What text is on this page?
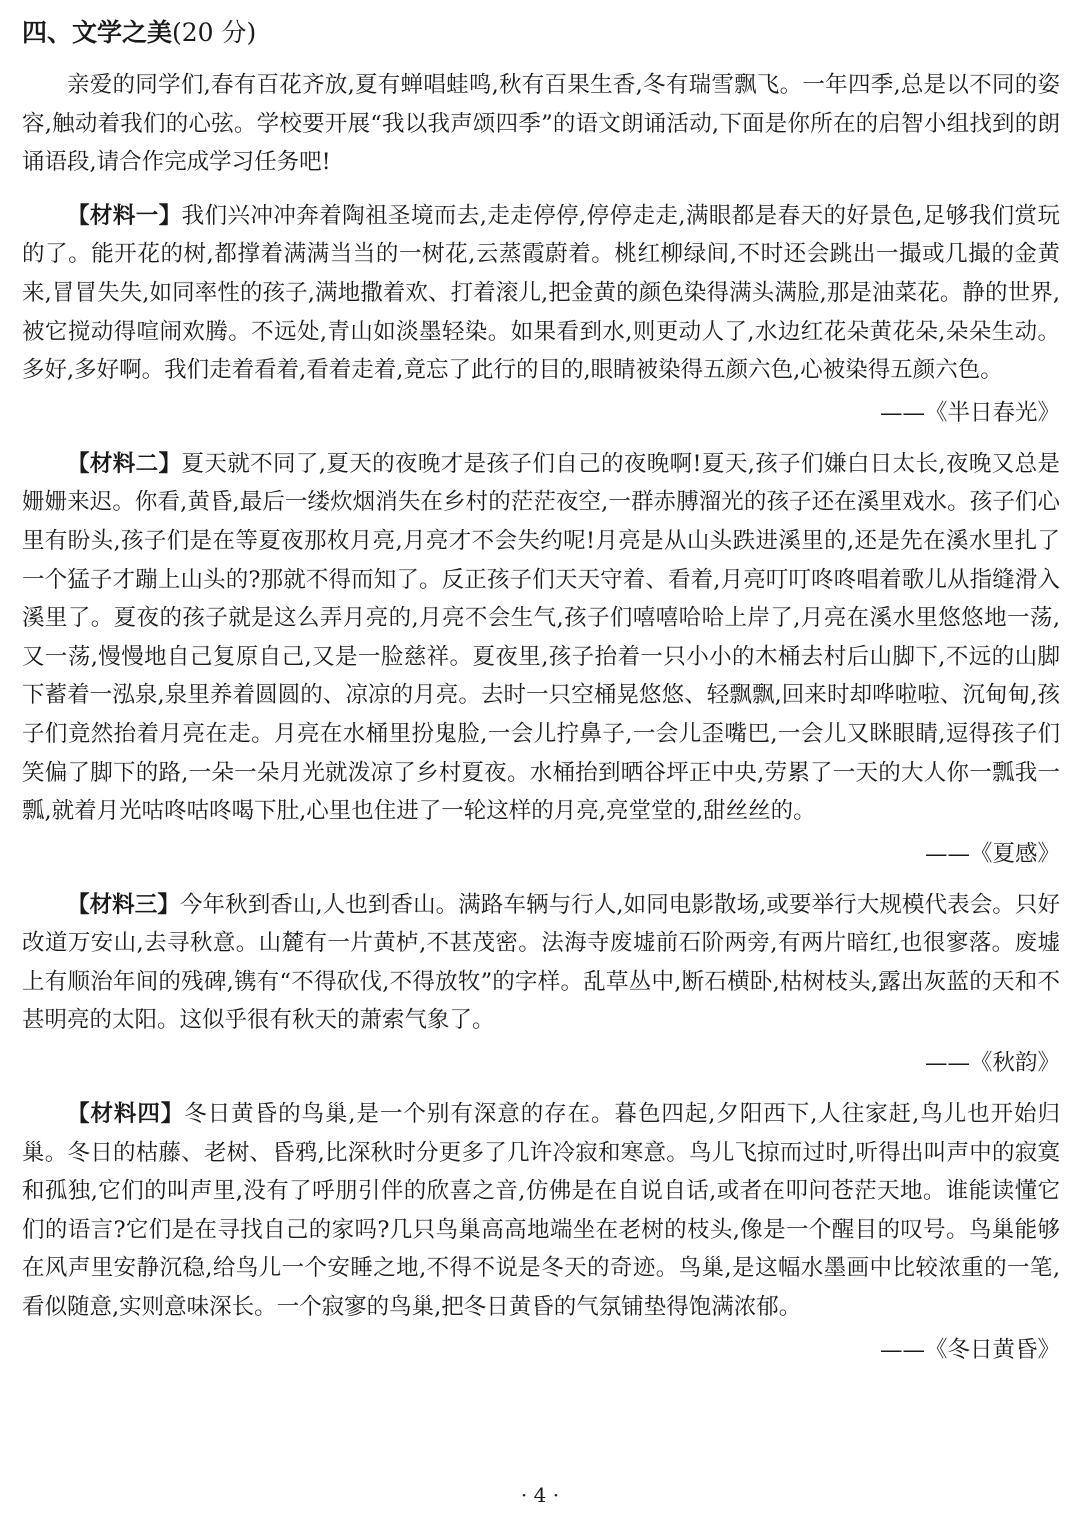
四、文学之美(20 分)

亲爱的同学们,春有百花齐放,夏有蝉唱蛙鸣,秋有百果生香,冬有瑞雪飘飞。一年四季,总是以不同的姿容,触动着我们的心弦。学校要开展“我以我声颂四季”的语文朗诵活动,下面是你所在的启智小组找到的朗诵语段,请合作完成学习任务吧!

【材料一】我们兴冲冲奔着陶祖圣境而去,走走停停,停停走走,满眼都是春天的好景色,足够我们赏玩的了。能开花的树,都撑着满满当当的一树花,云蒸霞蔚着。桃红柳绿间,不时还会跳出一撮或几撮的金黄来,冒冒失失,如同率性的孩子,满地撒着欢、打着滚儿,把金黄的颜色染得满头满脸,那是油菜花。静的世界,被它搅动得喧闹欢腾。不远处,青山如淡墨轻染。如果看到水,则更动人了,水边红花朵黄花朵,朵朵生动。多好,多好啊。我们走着看着,看着走着,竟忘了此行的目的,眼睛被染得五颜六色,心被染得五颜六色。

——《半日春光》

【材料二】夏天就不同了,夏天的夜晚才是孩子们自己的夜晚啊!夏天,孩子们嫌白日太长,夜晚又总是姗姗来迟。你看,黄昏,最后一缕炊烟消失在乡村的茫茫夜空,一群赤膊溜光的孩子还在溪里戏水。孩子们心里有盼头,孩子们是在等夏夜那枚月亮,月亮才不会失约呢!月亮是从山头跌进溪里的,还是先在溪水里扎了一个猛子才蹦上山头的?那就不得而知了。反正孩子们天天守着、看着,月亮叮叮咚咚唱着歌儿从指缝滑入溪里了。夏夜的孩子就是这么弄月亮的,月亮不会生气,孩子们嘻嘻哈哈上岸了,月亮在溪水里悠悠地一荡,又一荡,慢慢地自己复原自己,又是一脸慈祥。夏夜里,孩子抬着一只小小的木桶去村后山脚下,不远的山脚下蓄着一泓泉,泉里养着圆圆的、凉凉的月亮。去时一只空桶晃悠悠、轻飘飘,回来时却哗啦啦、沉甸甸,孩子们竟然抬着月亮在走。月亮在水桶里扮鬼脸,一会儿拧鼻子,一会儿歪嘴巴,一会儿又眯眼睛,逗得孩子们笑偏了脚下的路,一朵一朵月光就泼凉了乡村夏夜。水桶抬到晒谷坪正中央,劳累了一天的大人你一瓢我一瓢,就着月光咕咚咕咚喝下肚,心里也住进了一轮这样的月亮,亮堂堂的,甜丝丝的。

——《夏感》

【材料三】今年秋到香山,人也到香山。满路车辆与行人,如同电影散场,或要举行大规模代表会。只好改道万安山,去寻秋意。山麓有一片黄栌,不甚茂密。法海寺废墟前石阶两旁,有两片暗红,也很寥落。废墟上有顺治年间的残碑,镌有“不得砍伐,不得放牧”的字样。乱草丛中,断石横卧,枯树枝头,露出灰蓝的天和不甚明亮的太阳。这似乎很有秋天的萧索气象了。

——《秋韵》

【材料四】冬日黄昏的鸟巢,是一个别有深意的存在。暮色四起,夕阳西下,人往家赶,鸟儿也开始归巢。冬日的枯藤、老树、昏鸦,比深秋时分更多了几许冷寂和寒意。鸟儿飞掠而过时,听得出叫声中的寂寞和孤独,它们的叫声里,没有了呼朋引伴的欣喜之音,仿佛是在自说自话,或者在叩问苍茫天地。谁能读懂它们的语言?它们是在寻找自己的家吗?几只鸟巢高高地端坐在老树的枝头,像是一个醒目的叹号。鸟巢能够在风声里安静沉稳,给鸟儿一个安睡之地,不得不说是冬天的奇迹。鸟巢,是这幅水墨画中比较浓重的一笔,看似随意,实则意味深长。一个寂寥的鸟巢,把冬日黄昏的气氛铺垫得饱满浓郁。

——《冬日黄昏》

· 4 ·
